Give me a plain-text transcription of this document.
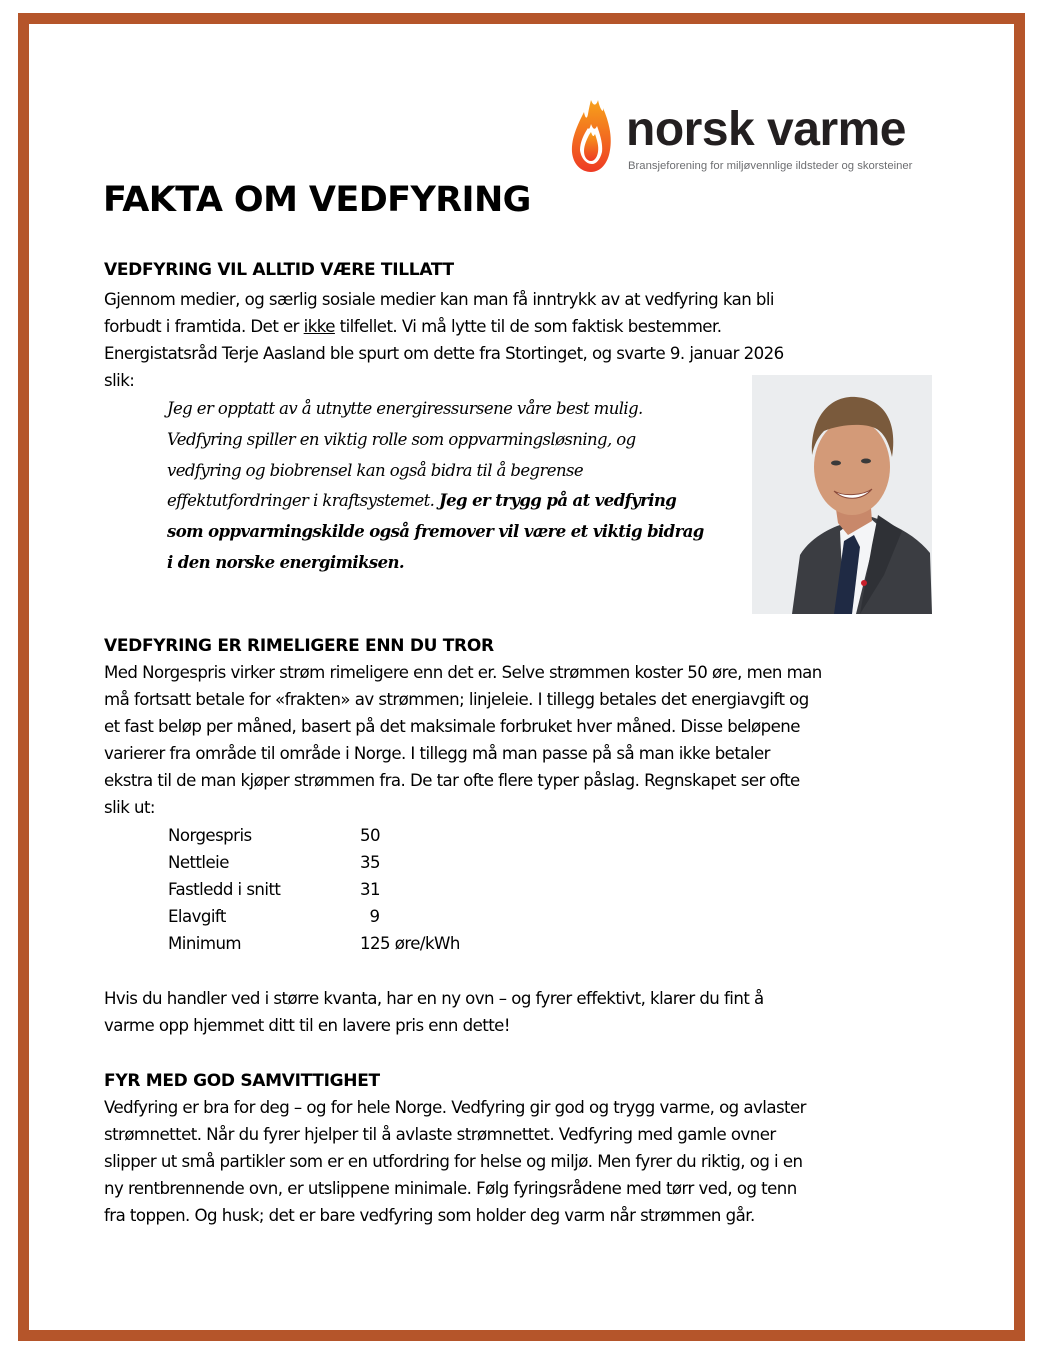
norsk varme
Bransjeforening for miljøvennlige ildsteder og skorsteiner
FAKTA OM VEDFYRING
VEDFYRING VIL ALLTID VÆRE TILLATT
Gjennom medier, og særlig sosiale medier kan man få inntrykk av at vedfyring kan bli
forbudt i framtida. Det er ikke tilfellet. Vi må lytte til de som faktisk bestemmer.
Energistatsråd Terje Aasland ble spurt om dette fra Stortinget, og svarte 9. januar 2026
slik:
Jeg er opptatt av å utnytte energiressursene våre best mulig.
Vedfyring spiller en viktig rolle som oppvarmingsløsning, og
vedfyring og biobrensel kan også bidra til å begrense
effektutfordringer i kraftsystemet. Jeg er trygg på at vedfyring
som oppvarmingskilde også fremover vil være et viktig bidrag
i den norske energimiksen.
VEDFYRING ER RIMELIGERE ENN DU TROR
Med Norgespris virker strøm rimeligere enn det er. Selve strømmen koster 50 øre, men man
må fortsatt betale for «frakten» av strømmen; linjeleie. I tillegg betales det energiavgift og
et fast beløp per måned, basert på det maksimale forbruket hver måned. Disse beløpene
varierer fra område til område i Norge. I tillegg må man passe på så man ikke betaler
ekstra til de man kjøper strømmen fra. De tar ofte flere typer påslag. Regnskapet ser ofte
slik ut:
Norgespris	50
Nettleie	35
Fastledd i snitt	31
Elavgift	9
Minimum	125 øre/kWh
Hvis du handler ved i større kvanta, har en ny ovn – og fyrer effektivt, klarer du fint å
varme opp hjemmet ditt til en lavere pris enn dette!
FYR MED GOD SAMVITTIGHET
Vedfyring er bra for deg – og for hele Norge. Vedfyring gir god og trygg varme, og avlaster
strømnettet. Når du fyrer hjelper til å avlaste strømnettet. Vedfyring med gamle ovner
slipper ut små partikler som er en utfordring for helse og miljø. Men fyrer du riktig, og i en
ny rentbrennende ovn, er utslippene minimale. Følg fyringsrådene med tørr ved, og tenn
fra toppen. Og husk; det er bare vedfyring som holder deg varm når strømmen går.
